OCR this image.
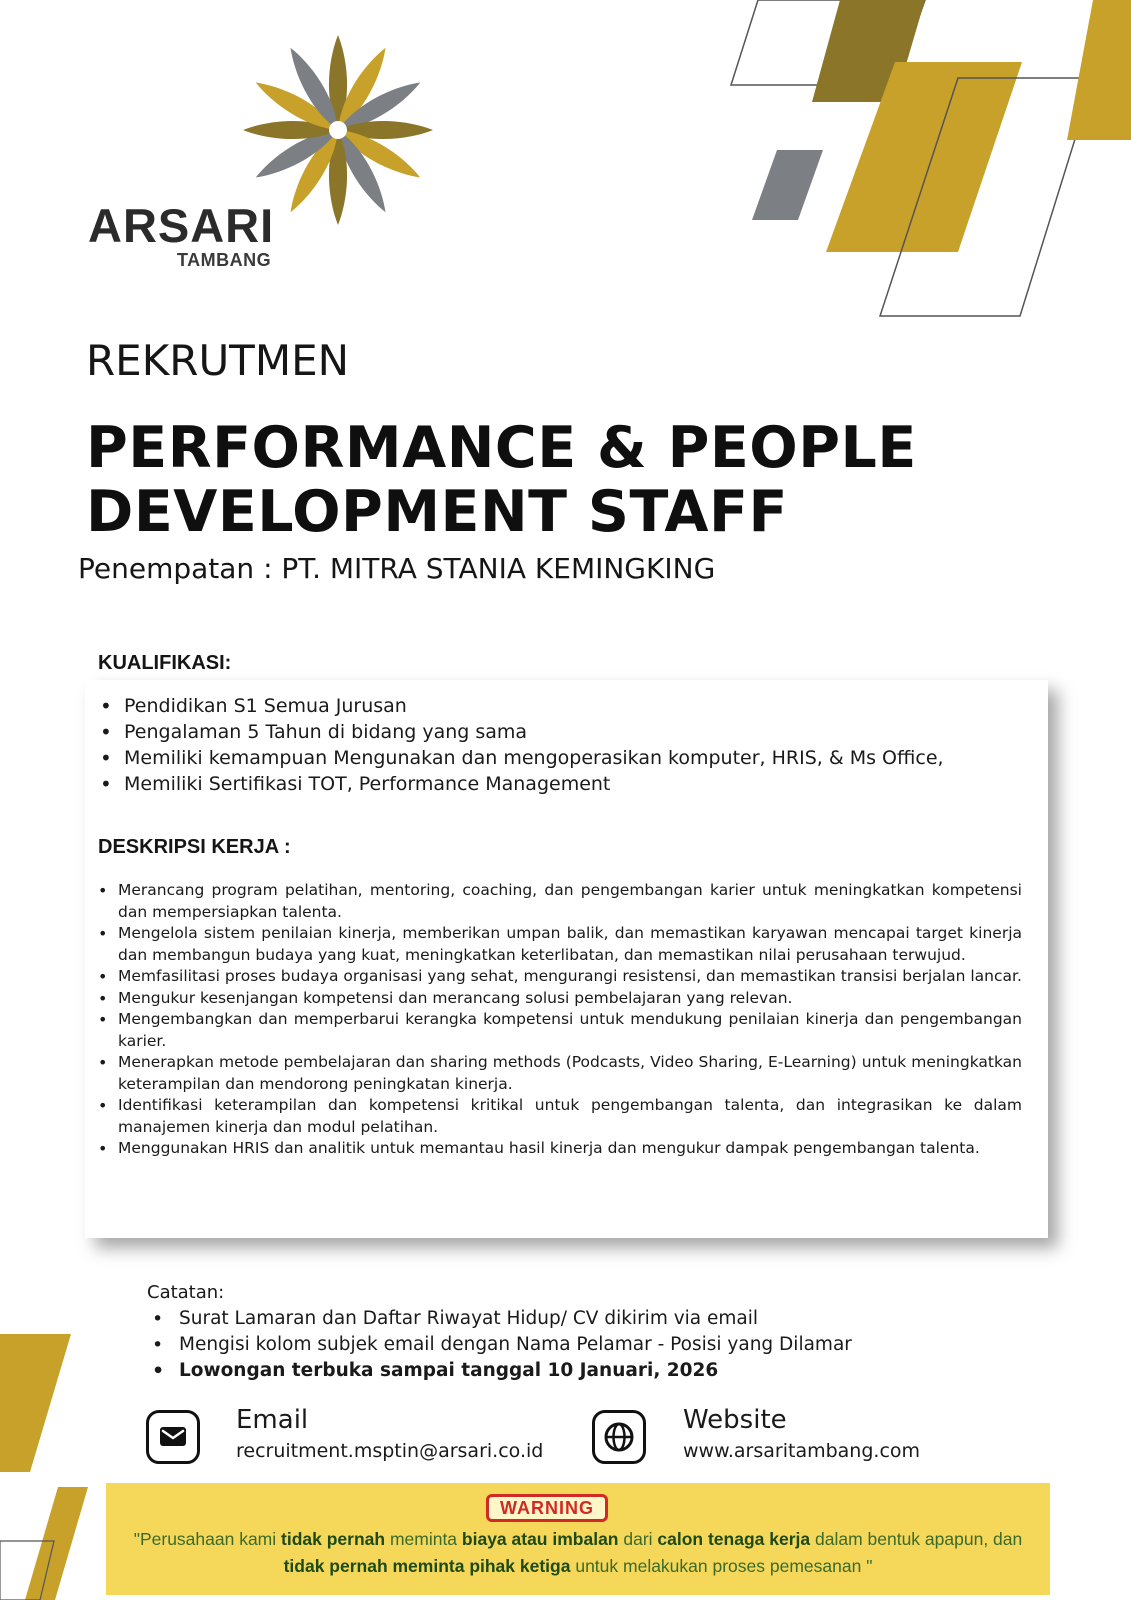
ARSARI
TAMBANG
REKRUTMEN
PERFORMANCE & PEOPLE
DEVELOPMENT STAFF
Penempatan : PT. MITRA STANIA KEMINGKING
KUALIFIKASI:
• Pendidikan S1 Semua Jurusan
• Pengalaman 5 Tahun di bidang yang sama
• Memiliki kemampuan Mengunakan dan mengoperasikan komputer, HRIS, & Ms Office,
• Memiliki Sertifikasi TOT, Performance Management
DESKRIPSI KERJA :
• Merancang program pelatihan, mentoring, coaching, dan pengembangan karier untuk meningkatkan kompetensi dan mempersiapkan talenta.
• Mengelola sistem penilaian kinerja, memberikan umpan balik, dan memastikan karyawan mencapai target kinerja dan membangun budaya yang kuat, meningkatkan keterlibatan, dan memastikan nilai perusahaan terwujud.
• Memfasilitasi proses budaya organisasi yang sehat, mengurangi resistensi, dan memastikan transisi berjalan lancar.
• Mengukur kesenjangan kompetensi dan merancang solusi pembelajaran yang relevan.
• Mengembangkan dan memperbarui kerangka kompetensi untuk mendukung penilaian kinerja dan pengembangan karier.
• Menerapkan metode pembelajaran dan sharing methods (Podcasts, Video Sharing, E-Learning) untuk meningkatkan keterampilan dan mendorong peningkatan kinerja.
• Identifikasi keterampilan dan kompetensi kritikal untuk pengembangan talenta, dan integrasikan ke dalam manajemen kinerja dan modul pelatihan.
• Menggunakan HRIS dan analitik untuk memantau hasil kinerja dan mengukur dampak pengembangan talenta.
Catatan:
• Surat Lamaran dan Daftar Riwayat Hidup/ CV dikirim via email
• Mengisi kolom subjek email dengan Nama Pelamar - Posisi yang Dilamar
• Lowongan terbuka sampai tanggal 10 Januari, 2026
Email
recruitment.msptin@arsari.co.id
Website
www.arsaritambang.com
WARNING
"Perusahaan kami tidak pernah meminta biaya atau imbalan dari calon tenaga kerja dalam bentuk apapun, dan
tidak pernah meminta pihak ketiga untuk melakukan proses pemesanan "
